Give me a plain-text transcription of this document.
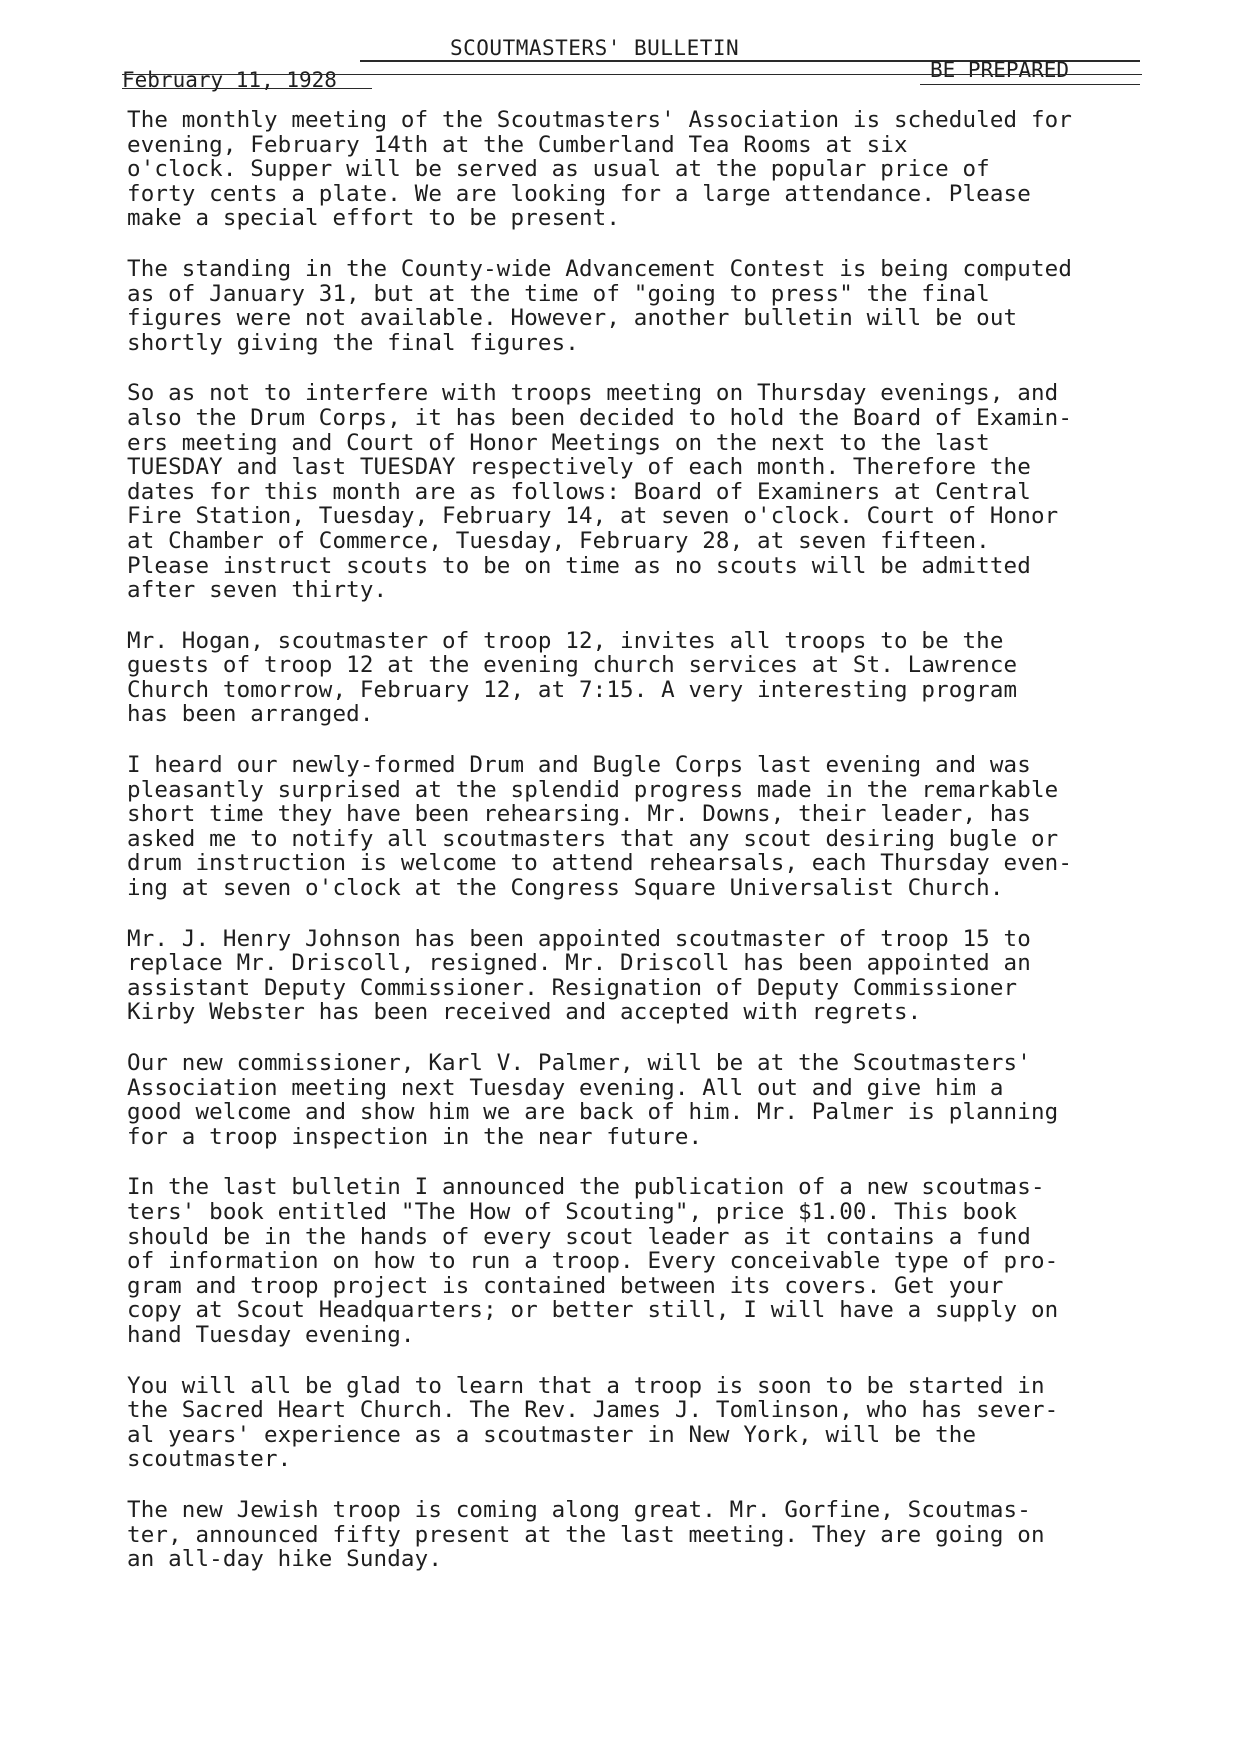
SCOUTMASTERS' BULLETIN
February 11, 1928	BE PREPARED

The monthly meeting of the Scoutmasters' Association is scheduled for
evening, February 14th at the Cumberland Tea Rooms at six
o'clock. Supper will be served as usual at the popular price of
forty cents a plate. We are looking for a large attendance. Please
make a special effort to be present.

The standing in the County-wide Advancement Contest is being computed
as of January 31, but at the time of "going to press" the final
figures were not available. However, another bulletin will be out
shortly giving the final figures.

So as not to interfere with troops meeting on Thursday evenings, and
also the Drum Corps, it has been decided to hold the Board of Examin-
ers meeting and Court of Honor Meetings on the next to the last
TUESDAY and last TUESDAY respectively of each month. Therefore the
dates for this month are as follows: Board of Examiners at Central
Fire Station, Tuesday, February 14, at seven o'clock. Court of Honor
at Chamber of Commerce, Tuesday, February 28, at seven fifteen.
Please instruct scouts to be on time as no scouts will be admitted
after seven thirty.

Mr. Hogan, scoutmaster of troop 12, invites all troops to be the
guests of troop 12 at the evening church services at St. Lawrence
Church tomorrow, February 12, at 7:15. A very interesting program
has been arranged.

I heard our newly-formed Drum and Bugle Corps last evening and was
pleasantly surprised at the splendid progress made in the remarkable
short time they have been rehearsing. Mr. Downs, their leader, has
asked me to notify all scoutmasters that any scout desiring bugle or
drum instruction is welcome to attend rehearsals, each Thursday even-
ing at seven o'clock at the Congress Square Universalist Church.

Mr. J. Henry Johnson has been appointed scoutmaster of troop 15 to
replace Mr. Driscoll, resigned. Mr. Driscoll has been appointed an
assistant Deputy Commissioner. Resignation of Deputy Commissioner
Kirby Webster has been received and accepted with regrets.

Our new commissioner, Karl V. Palmer, will be at the Scoutmasters'
Association meeting next Tuesday evening. All out and give him a
good welcome and show him we are back of him. Mr. Palmer is planning
for a troop inspection in the near future.

In the last bulletin I announced the publication of a new scoutmas-
ters' book entitled "The How of Scouting", price $1.00. This book
should be in the hands of every scout leader as it contains a fund
of information on how to run a troop. Every conceivable type of pro-
gram and troop project is contained between its covers. Get your
copy at Scout Headquarters; or better still, I will have a supply on
hand Tuesday evening.

You will all be glad to learn that a troop is soon to be started in
the Sacred Heart Church. The Rev. James J. Tomlinson, who has sever-
al years' experience as a scoutmaster in New York, will be the
scoutmaster.

The new Jewish troop is coming along great. Mr. Gorfine, Scoutmas-
ter, announced fifty present at the last meeting. They are going on
an all-day hike Sunday.
